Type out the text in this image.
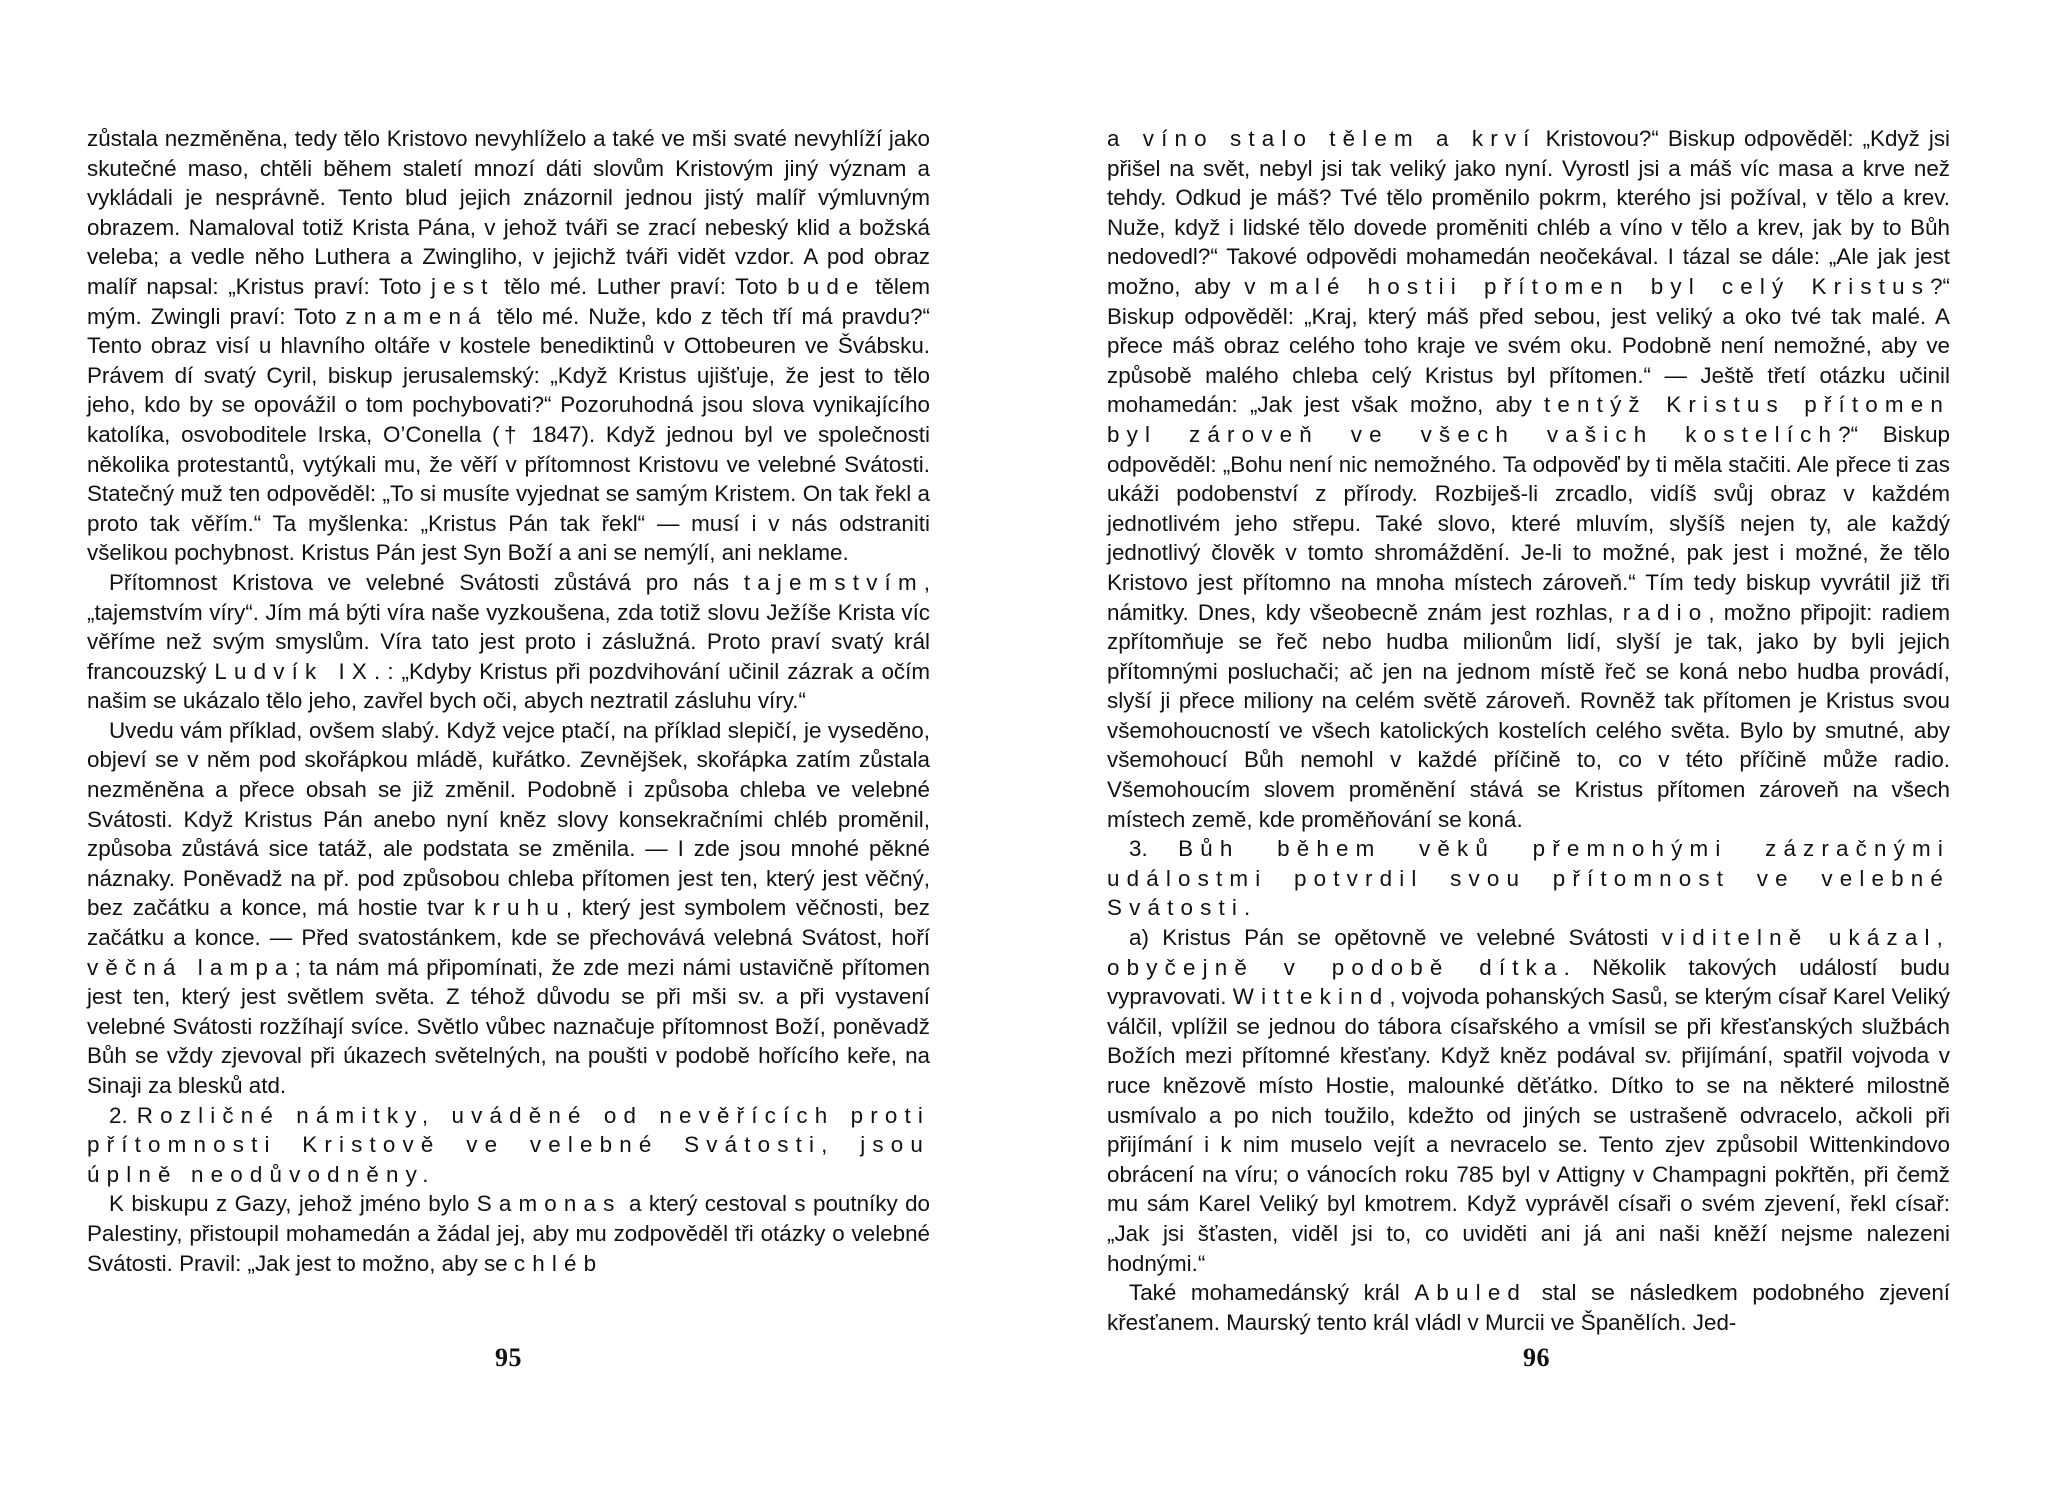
zůstala nezměněna, tedy tělo Kristovo nevyhlíželo a také ve mši svaté nevyhlíží jako skutečné maso, chtěli během staletí mnozí dáti slovům Kristovým jiný význam a vykládali je nesprávně. Tento blud jejich znázornil jednou jistý malíř výmluvným obrazem. Namaloval totiž Krista Pána, v jehož tváři se zrací nebeský klid a božská veleba; a vedle něho Luthera a Zwingliho, v jejichž tváři vidět vzdor. A pod obraz malíř napsal: „Kristus praví: Toto jest tělo mé. Luther praví: Toto bude tělem mým. Zwingli praví: Toto znamená tělo mé. Nuže, kdo z těch tří má pravdu?“ Tento obraz visí u hlavního oltáře v kostele benediktinů v Ottobeuren ve Švábsku. Právem dí svatý Cyril, biskup jerusalemský: „Když Kristus ujišťuje, že jest to tělo jeho, kdo by se opovážil o tom pochybovati?“ Pozoruhodná jsou slova vynikajícího katolíka, osvoboditele Irska, O’Conella († 1847). Když jednou byl ve společnosti několika protestantů, vytýkali mu, že věří v přítomnost Kristovu ve velebné Svátosti. Statečný muž ten odpověděl: „To si musíte vyjednat se samým Kristem. On tak řekl a proto tak věřím.“ Ta myšlenka: „Kristus Pán tak řekl“ — musí i v nás odstraniti všelikou pochybnost. Kristus Pán jest Syn Boží a ani se nemýlí, ani neklame.

Přítomnost Kristova ve velebné Svátosti zůstává pro nás tajemstvím, „tajemstvím víry“. Jím má býti víra naše vyzkoušena, zda totiž slovu Ježíše Krista víc věříme než svým smyslům. Víra tato jest proto i záslužná. Proto praví svatý král francouzský Ludvík IX.: „Kdyby Kristus při pozdvihování učinil zázrak a očím našim se ukázalo tělo jeho, zavřel bych oči, abych neztratil zásluhu víry.“

Uvedu vám příklad, ovšem slabý. Když vejce ptačí, na příklad slepičí, je vyseděno, objeví se v něm pod skořápkou mládě, kuřátko. Zevnějšek, skořápka zatím zůstala nezměněna a přece obsah se již změnil. Podobně i způsoba chleba ve velebné Svátosti. Když Kristus Pán anebo nyní kněz slovy konsekračními chléb proměnil, způsoba zůstává sice tatáž, ale podstata se změnila. — I zde jsou mnohé pěkné náznaky. Poněvadž na př. pod způsobou chleba přítomen jest ten, který jest věčný, bez začátku a konce, má hostie tvar kruhu, který jest symbolem věčnosti, bez začátku a konce. — Před svatostánkem, kde se přechovává velebná Svátost, hoří věčná lampa; ta nám má připomínati, že zde mezi námi ustavičně přítomen jest ten, který jest světlem světa. Z téhož důvodu se při mši sv. a při vystavení velebné Svátosti rozžíhají svíce. Světlo vůbec naznačuje přítomnost Boží, poněvadž Bůh se vždy zjevoval při úkazech světelných, na poušti v podobě hořícího keře, na Sinaji za blesků atd.

2. Rozličné námitky, uváděné od nevěřících proti přítomnosti Kristově ve velebné Svátosti, jsou úplně neodůvodněny.

K biskupu z Gazy, jehož jméno bylo Samonas a který cestoval s poutníky do Palestiny, přistoupil mohamedán a žádal jej, aby mu zodpověděl tři otázky o velebné Svátosti. Pravil: „Jak jest to možno, aby se chléb

95

a víno stalo tělem a krví Kristovou?“ Biskup odpověděl: „Když jsi přišel na svět, nebyl jsi tak veliký jako nyní. Vyrostl jsi a máš víc masa a krve než tehdy. Odkud je máš? Tvé tělo proměnilo pokrm, kterého jsi požíval, v tělo a krev. Nuže, když i lidské tělo dovede proměniti chléb a víno v tělo a krev, jak by to Bůh nedovedl?“ Takové odpovědi mohamedán neočekával. I tázal se dále: „Ale jak jest možno, aby v malé hostii přítomen byl celý Kristus?“ Biskup odpověděl: „Kraj, který máš před sebou, jest veliký a oko tvé tak malé. A přece máš obraz celého toho kraje ve svém oku. Podobně není nemožné, aby ve způsobě malého chleba celý Kristus byl přítomen.“ — Ještě třetí otázku učinil mohamedán: „Jak jest však možno, aby tentýž Kristus přítomen byl zároveň ve všech vašich kostelích?“ Biskup odpověděl: „Bohu není nic nemožného. Ta odpověď by ti měla stačiti. Ale přece ti zas ukáži podobenství z přírody. Rozbiješ-li zrcadlo, vidíš svůj obraz v každém jednotlivém jeho střepu. Také slovo, které mluvím, slyšíš nejen ty, ale každý jednotlivý člověk v tomto shromáždění. Je-li to možné, pak jest i možné, že tělo Kristovo jest přítomno na mnoha místech zároveň.“ Tím tedy biskup vyvrátil již tři námitky. Dnes, kdy všeobecně znám jest rozhlas, radio, možno připojit: radiem zpřítomňuje se řeč nebo hudba milionům lidí, slyší je tak, jako by byli jejich přítomnými posluchači; ač jen na jednom místě řeč se koná nebo hudba provádí, slyší ji přece miliony na celém světě zároveň. Rovněž tak přítomen je Kristus svou všemohoucností ve všech katolických kostelích celého světa. Bylo by smutné, aby všemohoucí Bůh nemohl v každé příčině to, co v této příčině může radio. Všemohoucím slovem proměnění stává se Kristus přítomen zároveň na všech místech země, kde proměňování se koná.

3. Bůh během věků přemnohými zázračnými událostmi potvrdil svou přítomnost ve velebné Svátosti.

a) Kristus Pán se opětovně ve velebné Svátosti viditelně ukázal, obyčejně v podobě dítka. Několik takových událostí budu vypravovati. Wittekind, vojvoda pohanských Sasů, se kterým císař Karel Veliký válčil, vplížil se jednou do tábora císařského a vmísil se při křesťanských službách Božích mezi přítomné křesťany. Když kněz podával sv. přijímání, spatřil vojvoda v ruce knězově místo Hostie, malounké děťátko. Dítko to se na některé milostně usmívalo a po nich toužilo, kdežto od jiných se ustrašeně odvracelo, ačkoli při přijímání i k nim muselo vejít a nevracelo se. Tento zjev způsobil Wittenkindovo obrácení na víru; o vánocích roku 785 byl v Attigny v Champagni pokřtěn, při čemž mu sám Karel Veliký byl kmotrem. Když vyprávěl císaři o svém zjevení, řekl císař: „Jak jsi šťasten, viděl jsi to, co uviděti ani já ani naši kněží nejsme nalezeni hodnými.“

Také mohamedánský král Abuled stal se následkem podobného zjevení křesťanem. Maurský tento král vládl v Murcii ve Španělích. Jed-

96
